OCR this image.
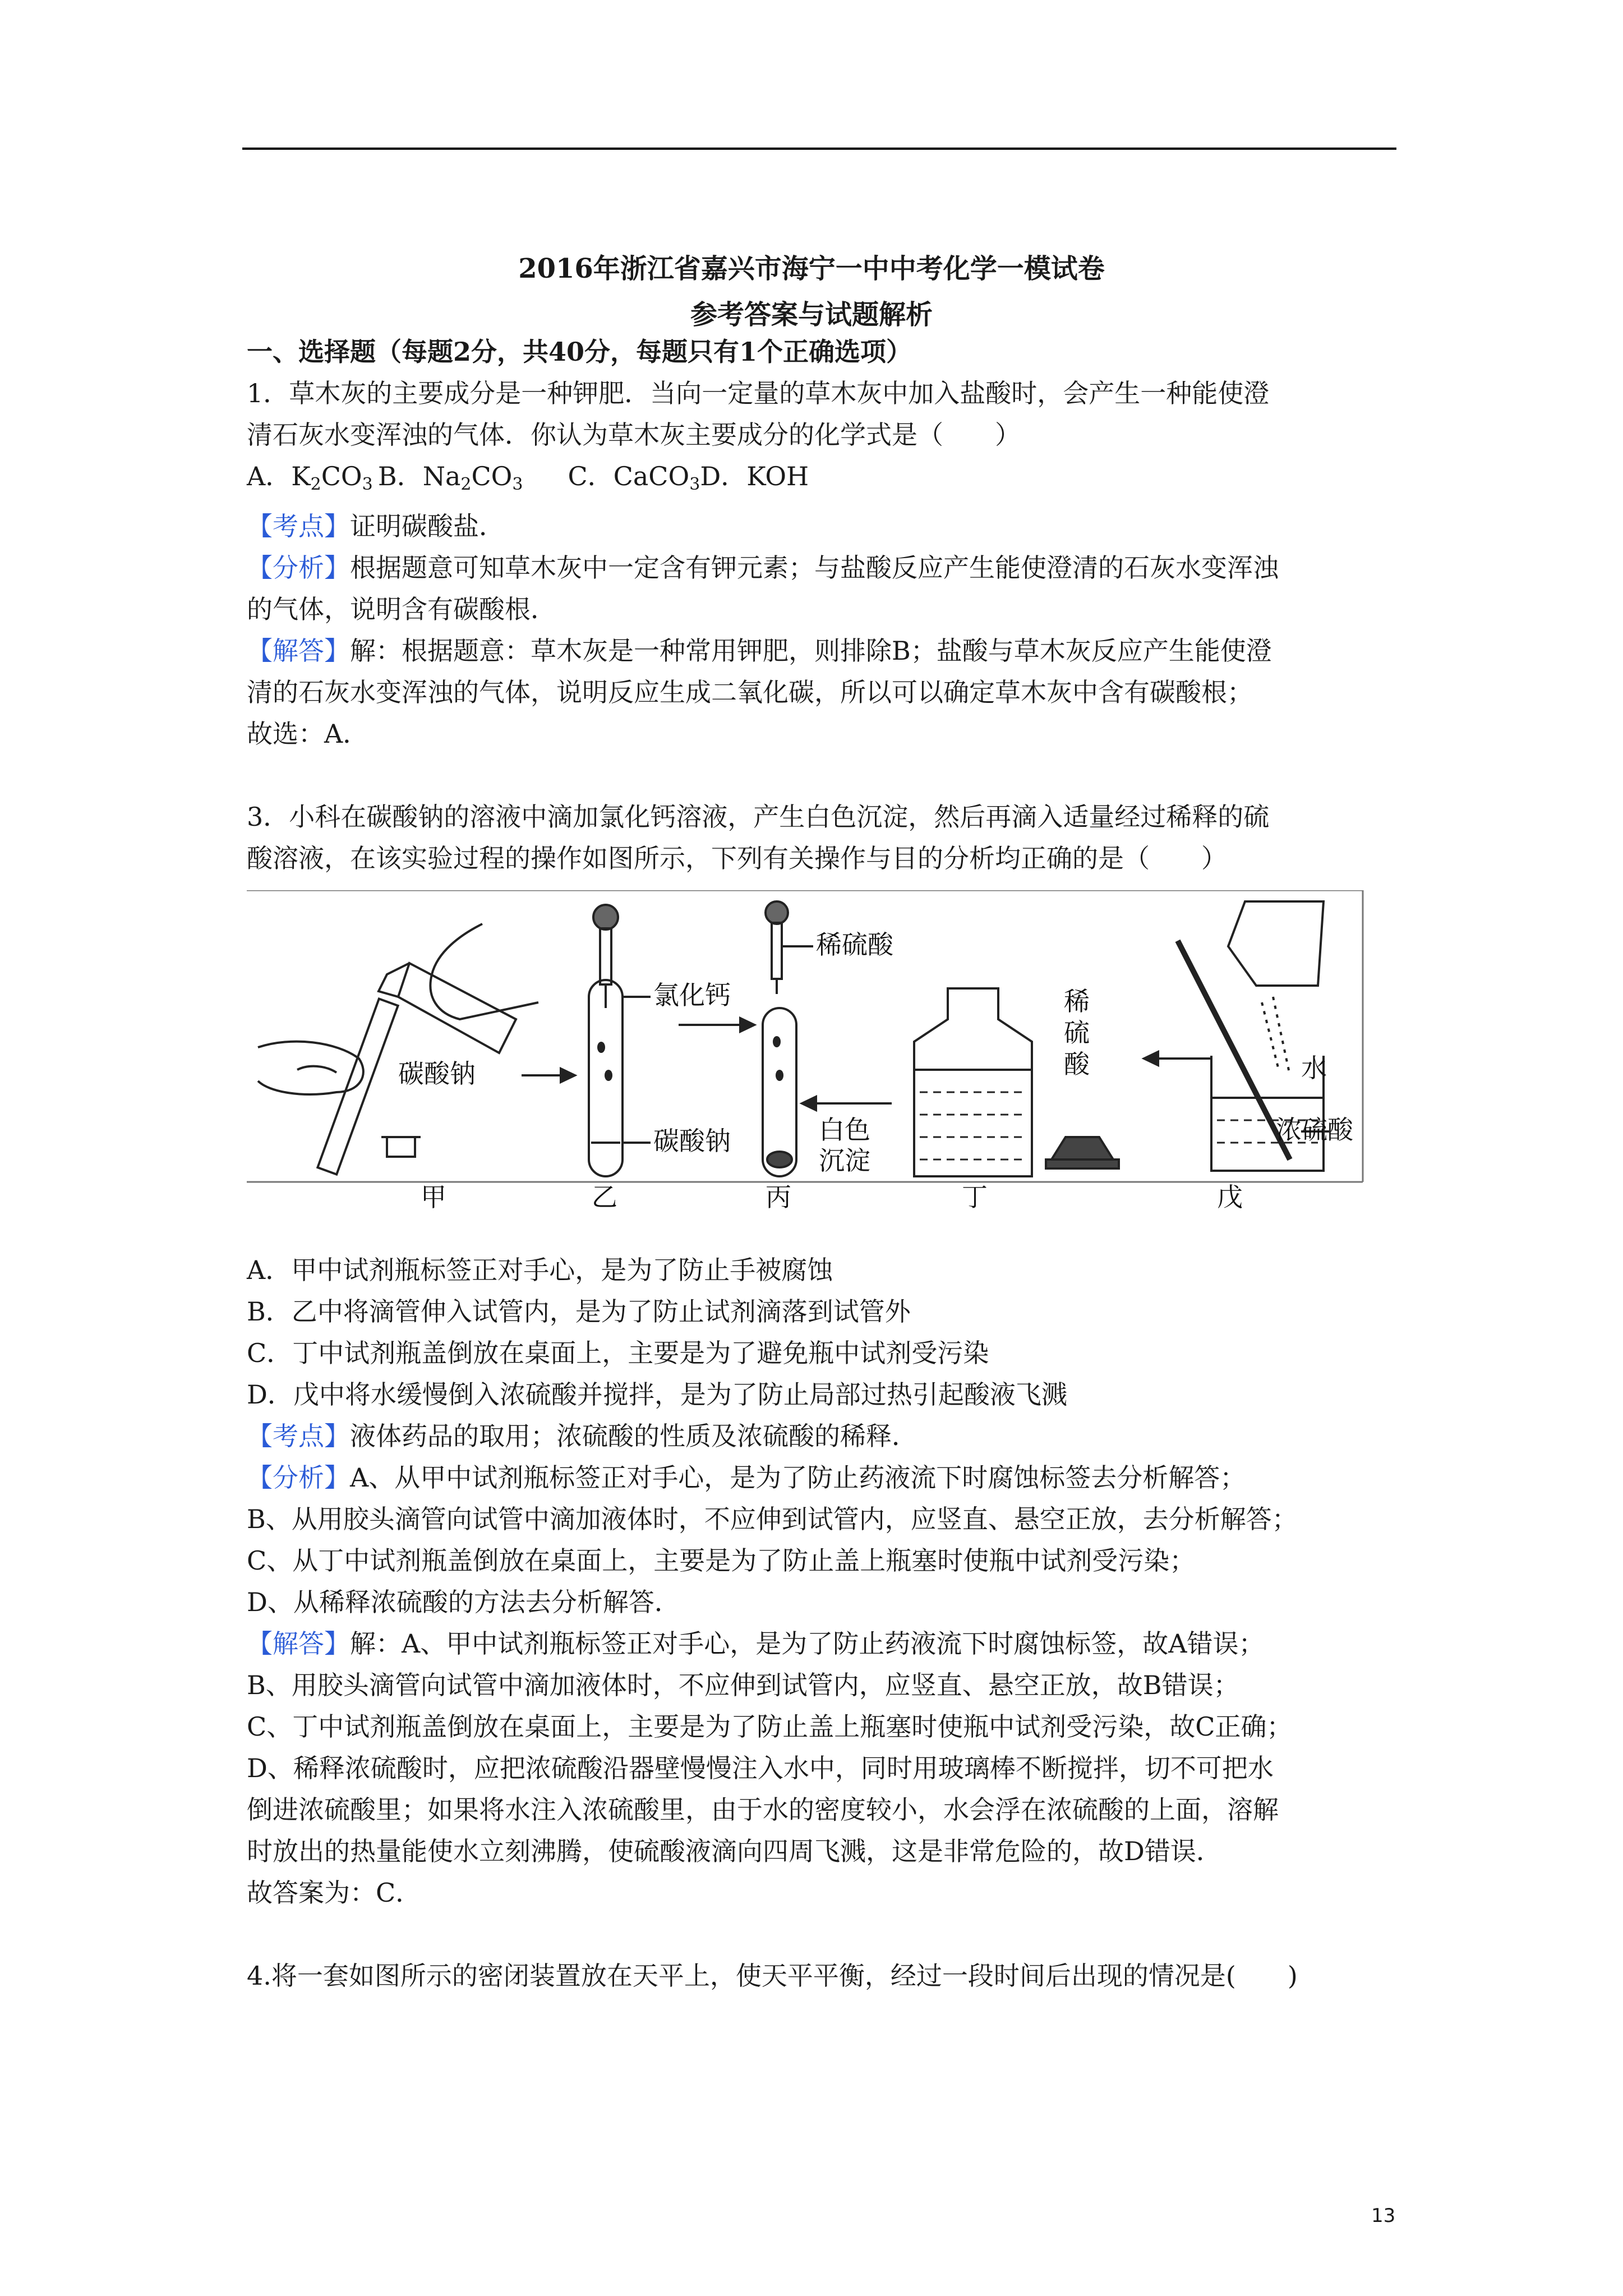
2016年浙江省嘉兴市海宁一中中考化学一模试卷
参考答案与试题解析

一、选择题（每题2分，共40分，每题只有1个正确选项）

1．草木灰的主要成分是一种钾肥．当向一定量的草木灰中加入盐酸时，会产生一种能使澄

清石灰水变浑浊的气体．你认为草木灰主要成分的化学式是（　　）

A．$K_2CO_3$  B．$Na_2CO_3$ C．CaCO$_3$D．KOH

【考点】证明碳酸盐．

【分析】根据题意可知草木灰中一定含有钾元素；与盐酸反应产生能使澄清的石灰水变浑浊

的气体，说明含有碳酸根．

【解答】解：根据题意：草木灰是一种常用钾肥，则排除B；盐酸与草木灰反应产生能使澄

清的石灰水变浑浊的气体，说明反应生成二氧化碳，所以可以确定草木灰中含有碳酸根；

故选：A．

3．小科在碳酸钠的溶液中滴加氯化钙溶液，产生白色沉淀，然后再滴入适量经过稀释的硫

酸溶液，在该实验过程的操作如图所示，下列有关操作与目的分析均正确的是（　　）

碳酸钠
氯化钙
碳酸钠
稀硫酸
白色
沉淀
稀硫酸	水
浓硫酸
甲	乙	丙	丁	戊

A．甲中试剂瓶标签正对手心，是为了防止手被腐蚀

B．乙中将滴管伸入试管内，是为了防止试剂滴落到试管外

C．丁中试剂瓶盖倒放在桌面上，主要是为了避免瓶中试剂受污染

D．戊中将水缓慢倒入浓硫酸并搅拌，是为了防止局部过热引起酸液飞溅

【考点】液体药品的取用；浓硫酸的性质及浓硫酸的稀释．

【分析】A、从甲中试剂瓶标签正对手心，是为了防止药液流下时腐蚀标签去分析解答；

B、从用胶头滴管向试管中滴加液体时，不应伸到试管内，应竖直、悬空正放，去分析解答；

C、从丁中试剂瓶盖倒放在桌面上，主要是为了防止盖上瓶塞时使瓶中试剂受污染；

D、从稀释浓硫酸的方法去分析解答．

【解答】解：A、甲中试剂瓶标签正对手心，是为了防止药液流下时腐蚀标签，故A错误；

B、用胶头滴管向试管中滴加液体时，不应伸到试管内，应竖直、悬空正放，故B错误；

C、丁中试剂瓶盖倒放在桌面上，主要是为了防止盖上瓶塞时使瓶中试剂受污染，故C正确；

D、稀释浓硫酸时，应把浓硫酸沿器壁慢慢注入水中，同时用玻璃棒不断搅拌，切不可把水

倒进浓硫酸里；如果将水注入浓硫酸里，由于水的密度较小，水会浮在浓硫酸的上面，溶解

时放出的热量能使水立刻沸腾，使硫酸液滴向四周飞溅，这是非常危险的，故D错误．

故答案为：C．

4.将一套如图所示的密闭装置放在天平上，使天平平衡，经过一段时间后出现的情况是(　　)

13
